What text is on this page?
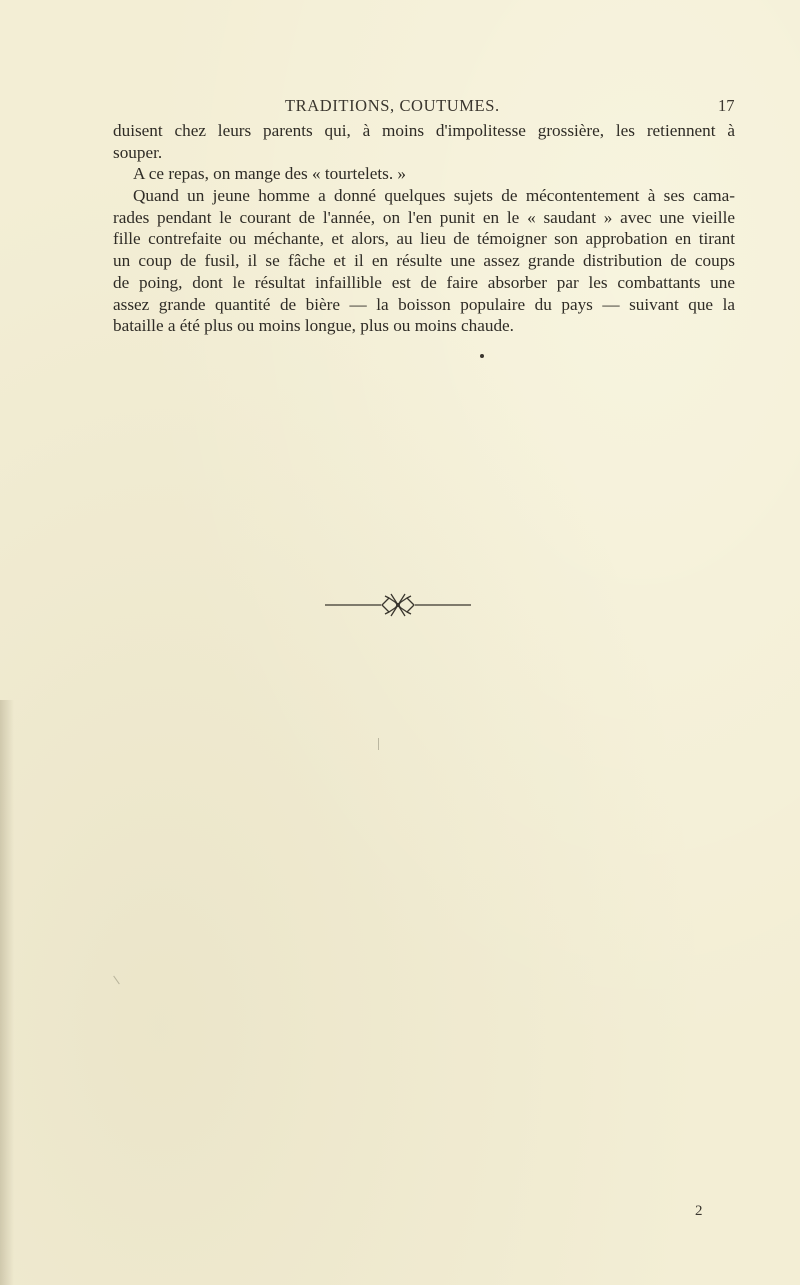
TRADITIONS, COUTUMES.	17
duisent chez leurs parents qui, à moins d'impolitesse grossière, les retiennent à
souper.
A ce repas, on mange des « tourtelets. »
Quand un jeune homme a donné quelques sujets de mécontentement à ses cama-
rades pendant le courant de l'année, on l'en punit en le « saudant » avec une vieille
fille contrefaite ou méchante, et alors, au lieu de témoigner son approbation en tirant
un coup de fusil, il se fâche et il en résulte une assez grande distribution de coups
de poing, dont le résultat infaillible est de faire absorber par les combattants une
assez grande quantité de bière — la boisson populaire du pays — suivant que la
bataille a été plus ou moins longue, plus ou moins chaude.
2
